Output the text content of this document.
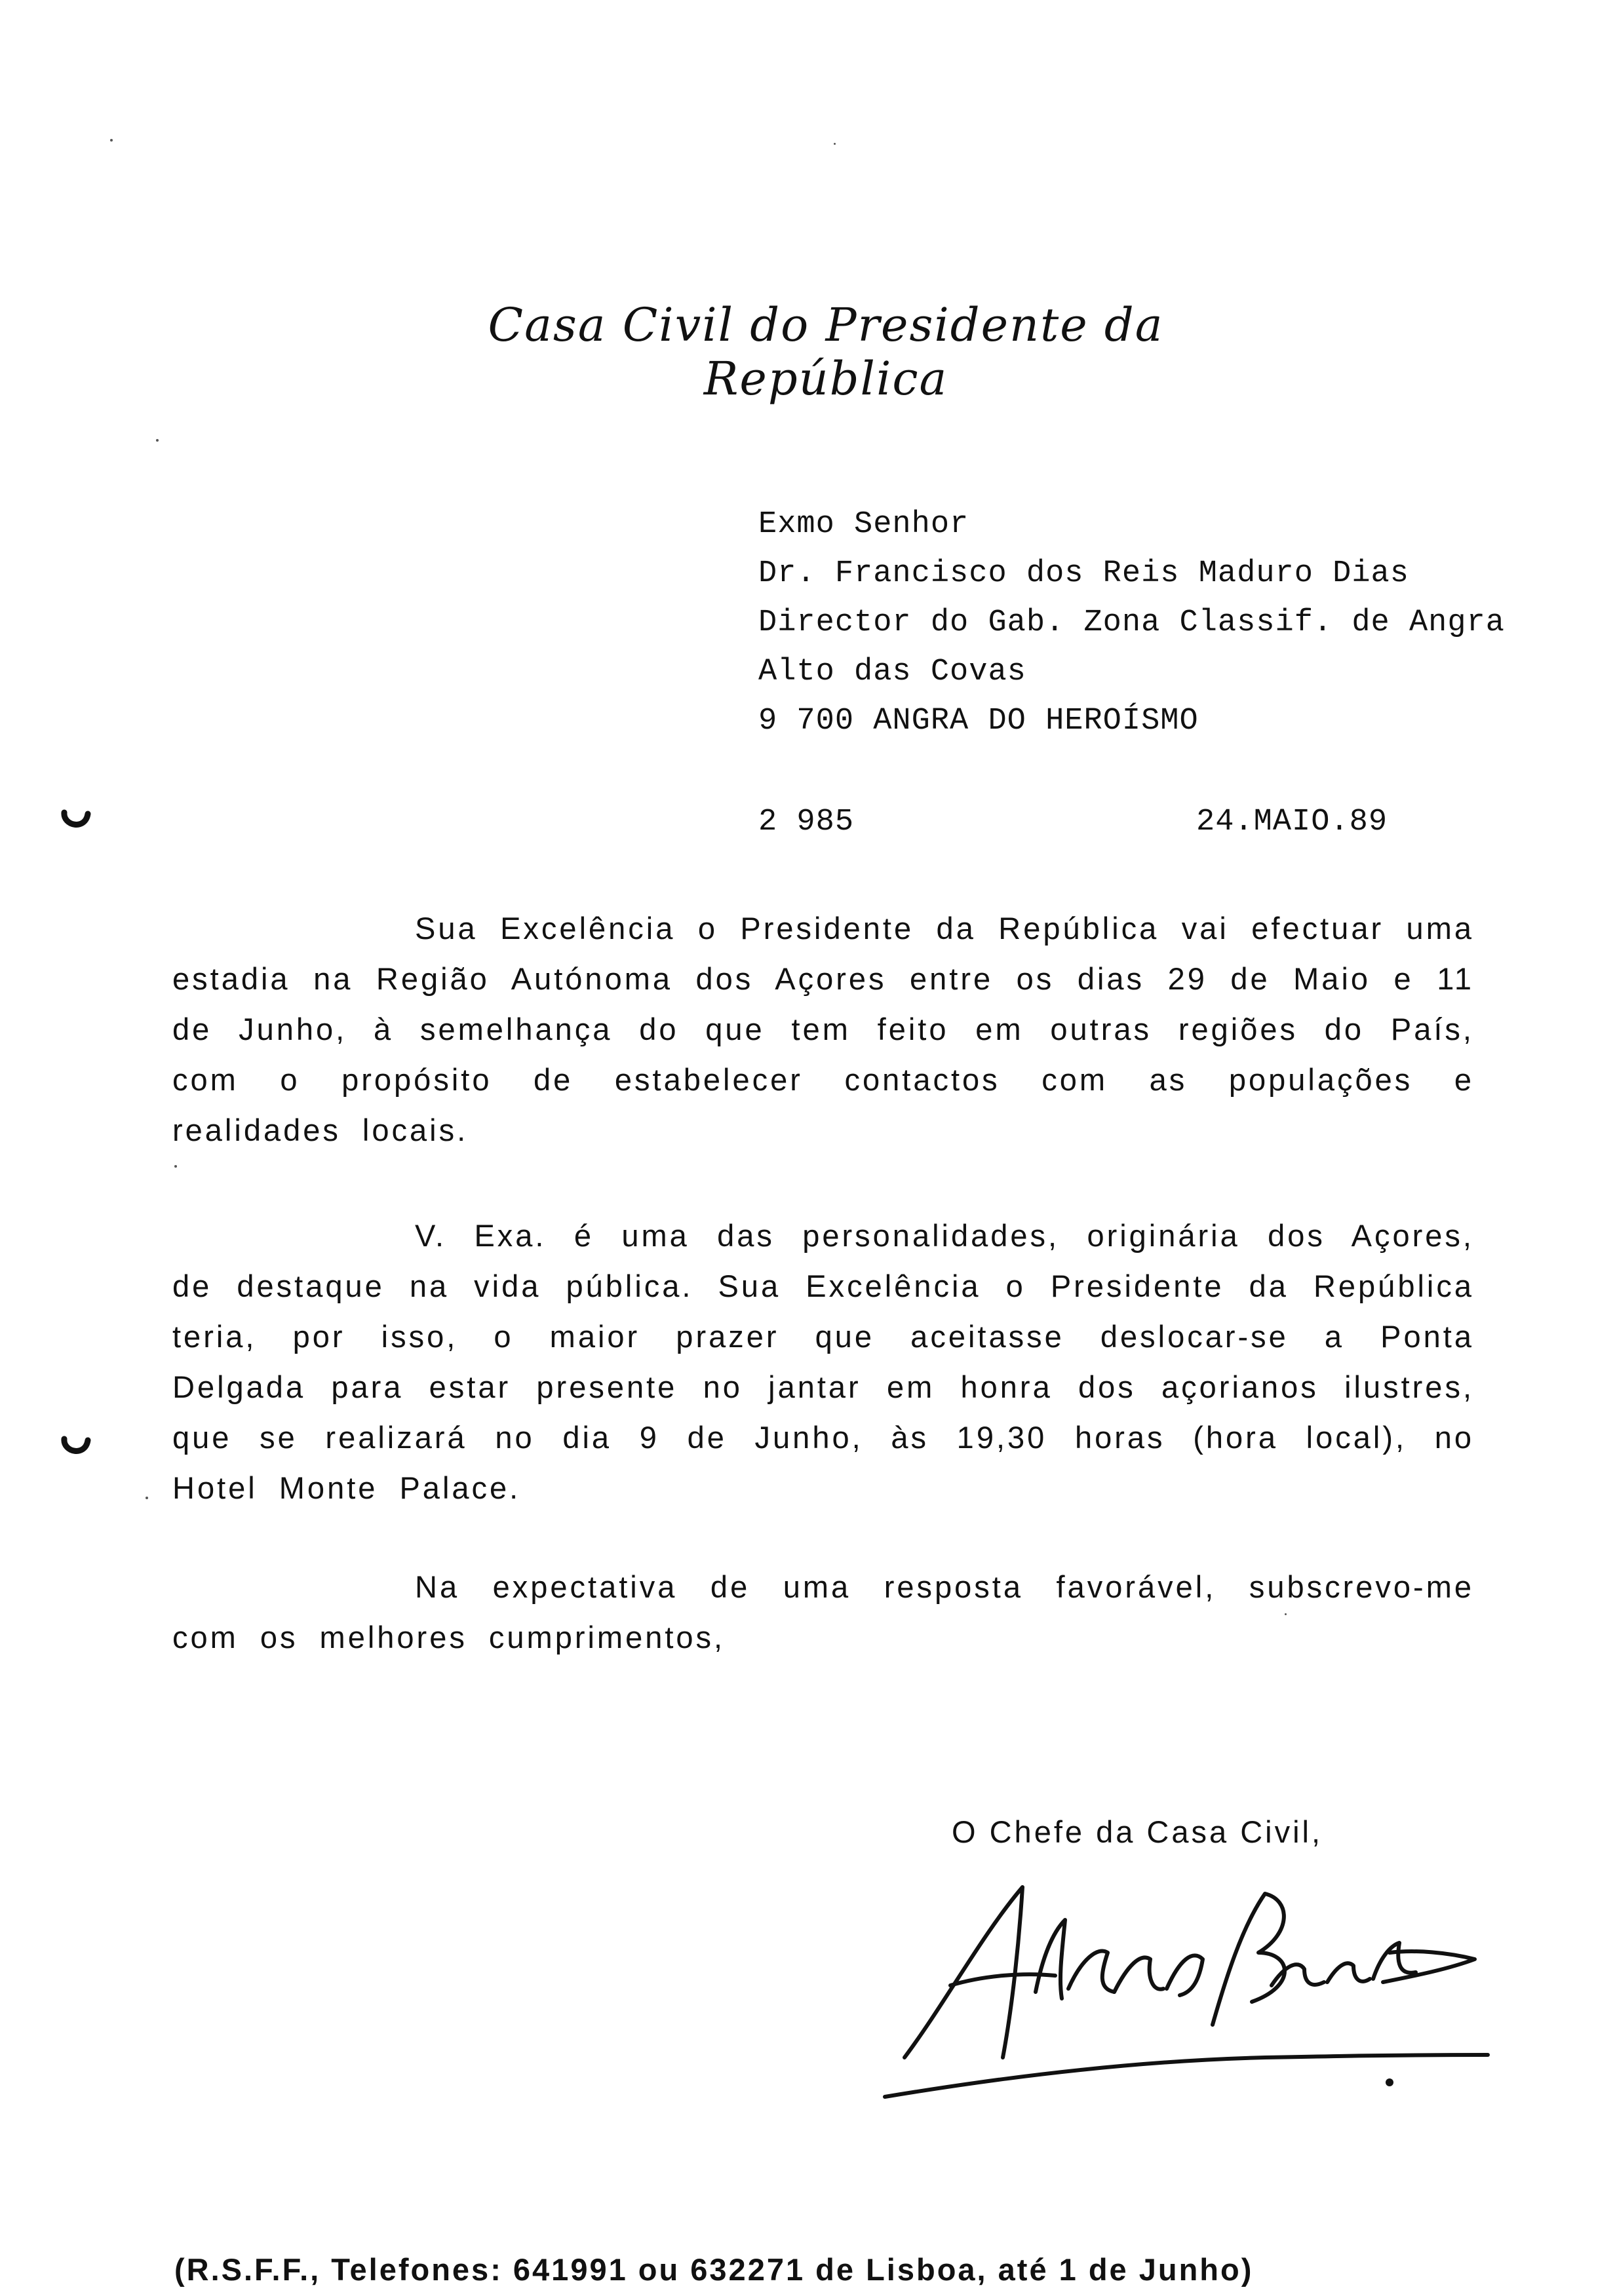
Casa Civil do Presidente da República
Exmo Senhor
Dr. Francisco dos Reis Maduro Dias
Director do Gab. Zona Classif. de Angra
Alto das Covas
9 700 ANGRA DO HEROÍSMO
2 985	24.MAIO.89
Sua Excelência o Presidente da República vai efectuar uma estadia na Região Autónoma dos Açores entre os dias 29 de Maio e 11 de Junho, à semelhança do que tem feito em outras regiões do País, com o propósito de estabelecer contactos com as populações e realidades locais.
V. Exa. é uma das personalidades, originária dos Açores, de destaque na vida pública. Sua Excelência o Presidente da República teria, por isso, o maior prazer que aceitasse deslocar-se a Ponta Delgada para estar presente no jantar em honra dos açorianos ilustres, que se realizará no dia 9 de Junho, às 19,30 horas (hora local), no Hotel Monte Palace.
Na expectativa de uma resposta favorável, subscrevo-me com os melhores cumprimentos,
O Chefe da Casa Civil,
(R.S.F.F., Telefones: 641991 ou 632271 de Lisboa, até 1 de Junho)
